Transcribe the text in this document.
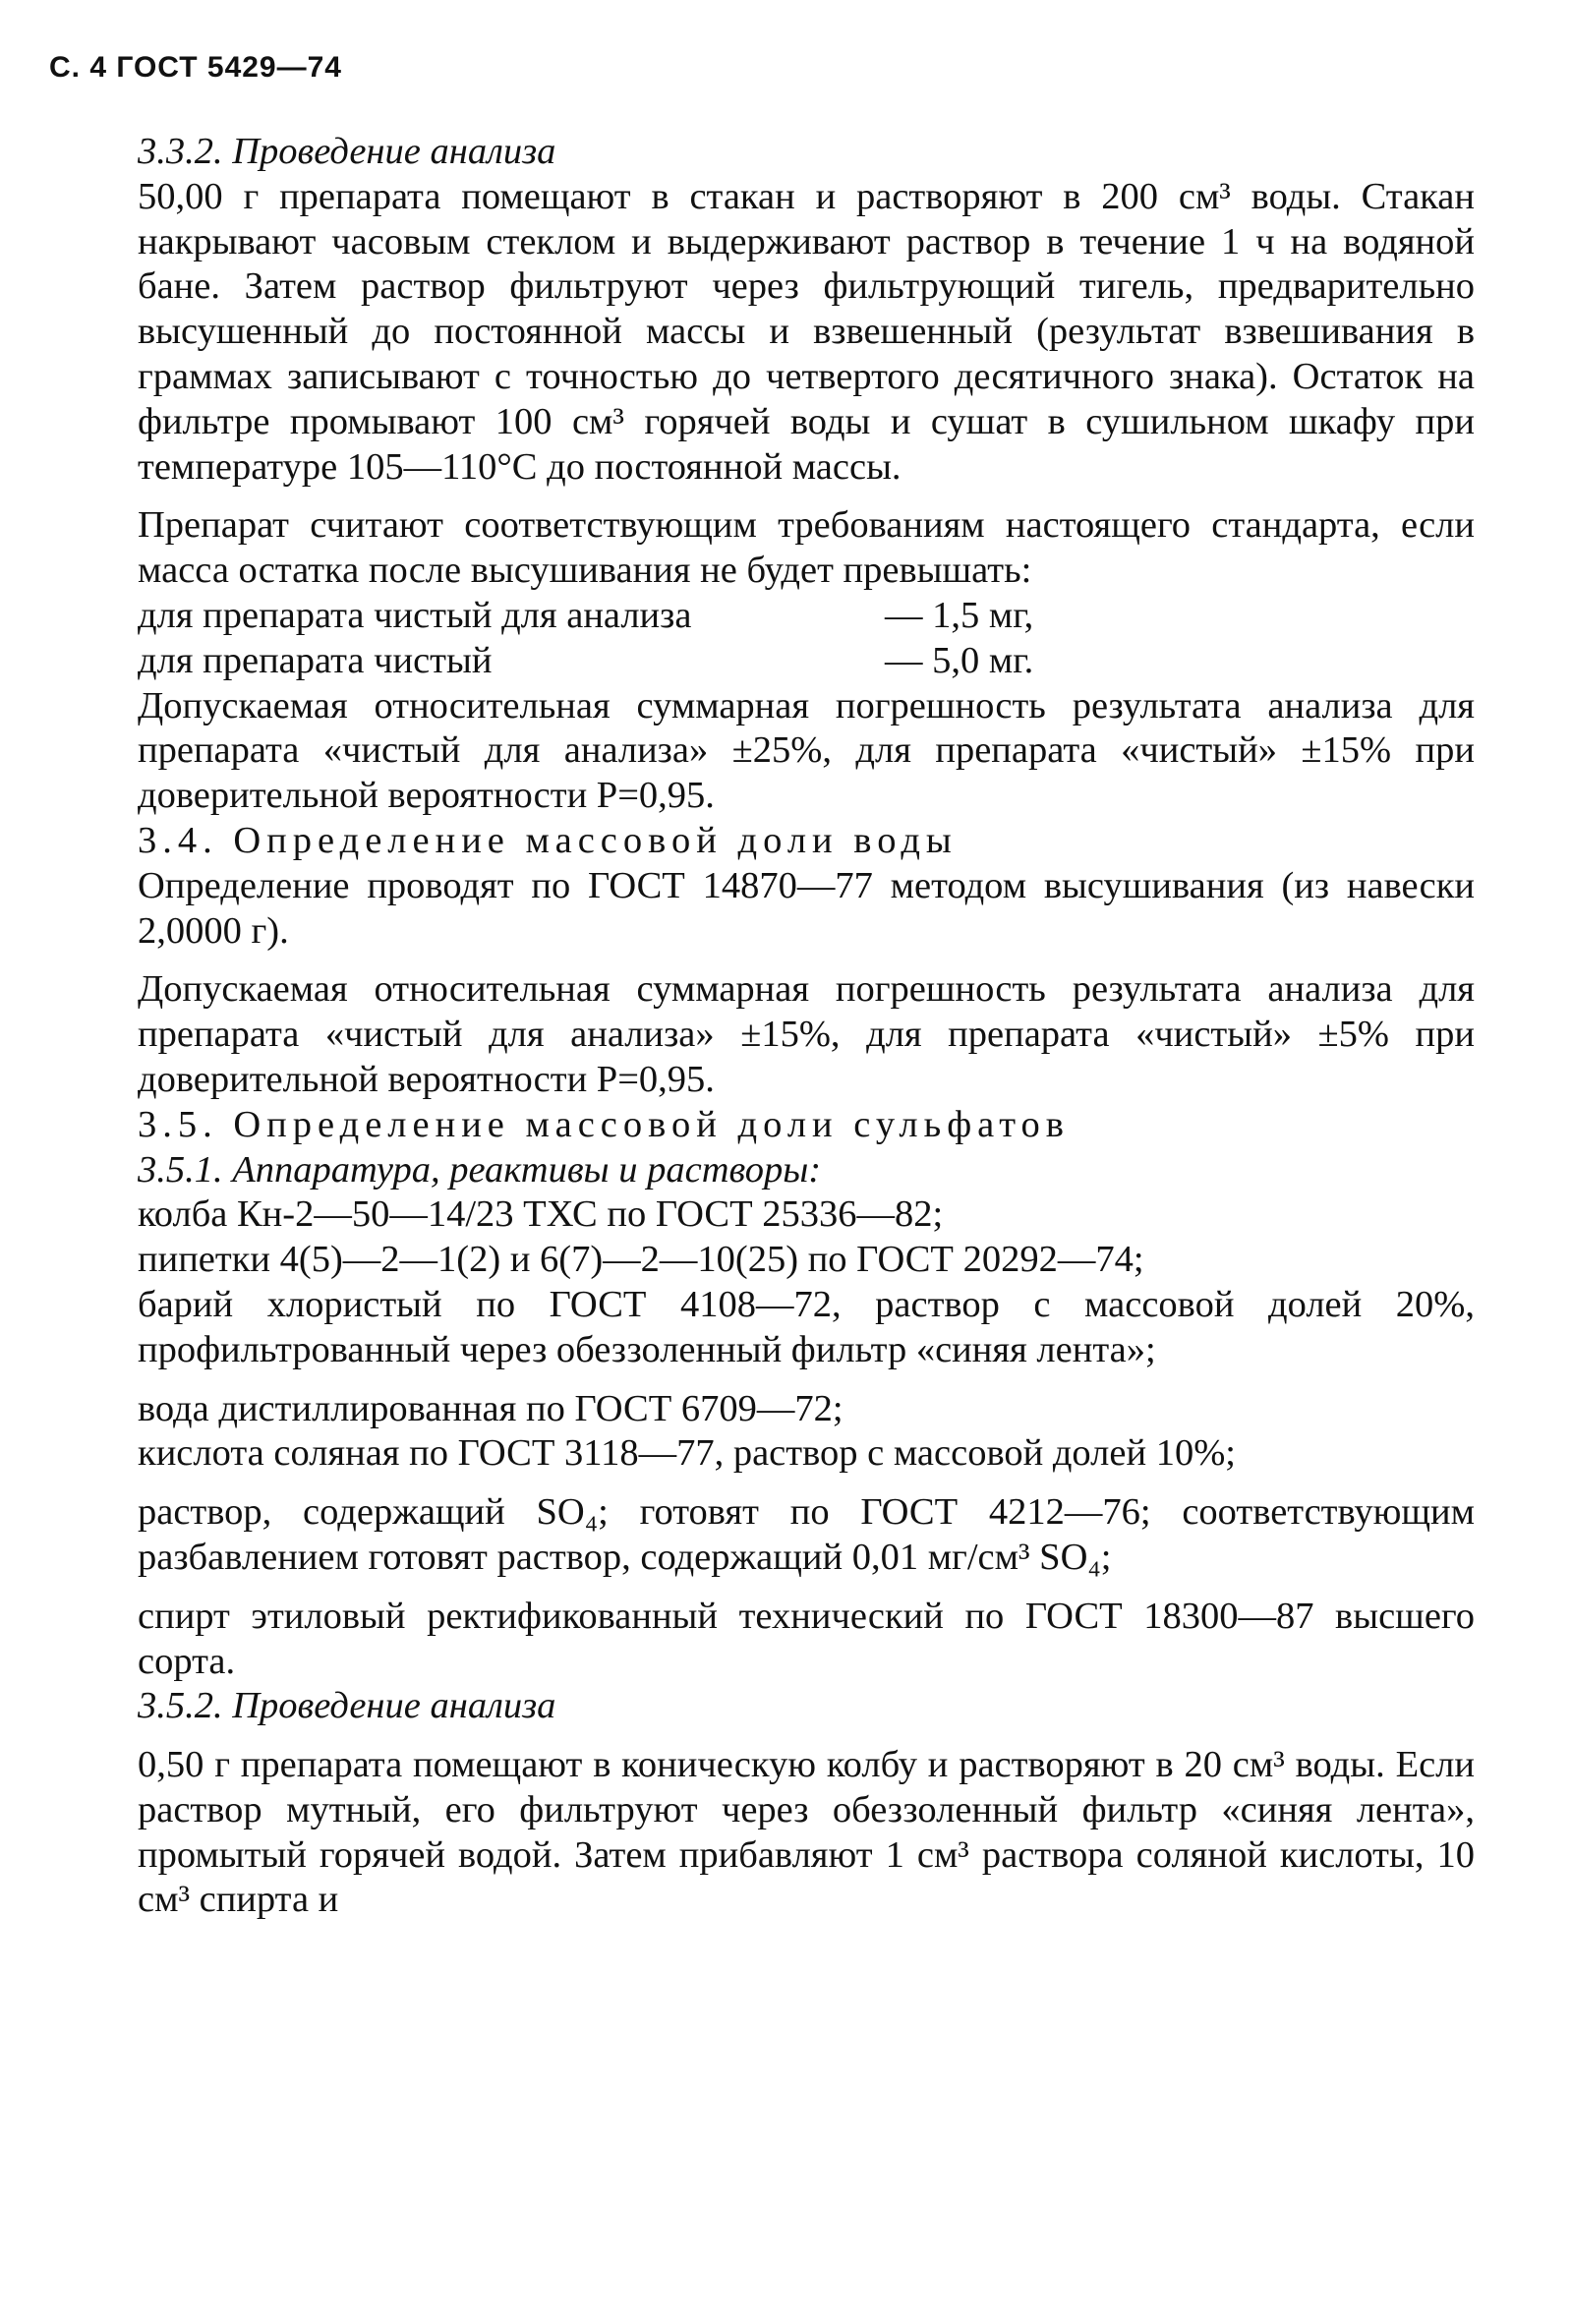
С. 4 ГОСТ 5429—74

3.3.2. Проведение анализа

50,00 г препарата помещают в стакан и растворяют в 200 см³ воды. Стакан накрывают часовым стеклом и выдерживают раствор в течение 1 ч на водяной бане. Затем раствор фильтруют через фильтрующий тигель, предварительно высушенный до постоянной массы и взвешенный (результат взвешивания в граммах записывают с точностью до четвертого десятичного знака). Остаток на фильтре промывают 100 см³ горячей воды и сушат в сушильном шкафу при температуре 105—110°С до постоянной массы.

Препарат считают соответствующим требованиям настоящего стандарта, если масса остатка после высушивания не будет превышать:

для препарата чистый для анализа	— 1,5 мг,
для препарата чистый	— 5,0 мг.

Допускаемая относительная суммарная погрешность результата анализа для препарата «чистый для анализа» ±25%, для препарата «чистый» ±15% при доверительной вероятности Р=0,95.

3.4. Определение массовой доли воды

Определение проводят по ГОСТ 14870—77 методом высушивания (из навески 2,0000 г).

Допускаемая относительная суммарная погрешность результата анализа для препарата «чистый для анализа» ±15%, для препарата «чистый» ±5% при доверительной вероятности Р=0,95.

3.5. Определение массовой доли сульфатов

3.5.1. Аппаратура, реактивы и растворы:

колба Кн-2—50—14/23 ТХС по ГОСТ 25336—82;

пипетки 4(5)—2—1(2) и 6(7)—2—10(25) по ГОСТ 20292—74;

барий хлористый по ГОСТ 4108—72, раствор с массовой долей 20%, профильтрованный через обеззоленный фильтр «синяя лента»;

вода дистиллированная по ГОСТ 6709—72;

кислота соляная по ГОСТ 3118—77, раствор с массовой долей 10%;

раствор, содержащий SO₄; готовят по ГОСТ 4212—76; соответствующим разбавлением готовят раствор, содержащий 0,01 мг/см³ SO₄;

спирт этиловый ректификованный технический по ГОСТ 18300—87 высшего сорта.

3.5.2. Проведение анализа

0,50 г препарата помещают в коническую колбу и растворяют в 20 см³ воды. Если раствор мутный, его фильтруют через обеззоленный фильтр «синяя лента», промытый горячей водой. Затем прибавляют 1 см³ раствора соляной кислоты, 10 см³ спирта и
